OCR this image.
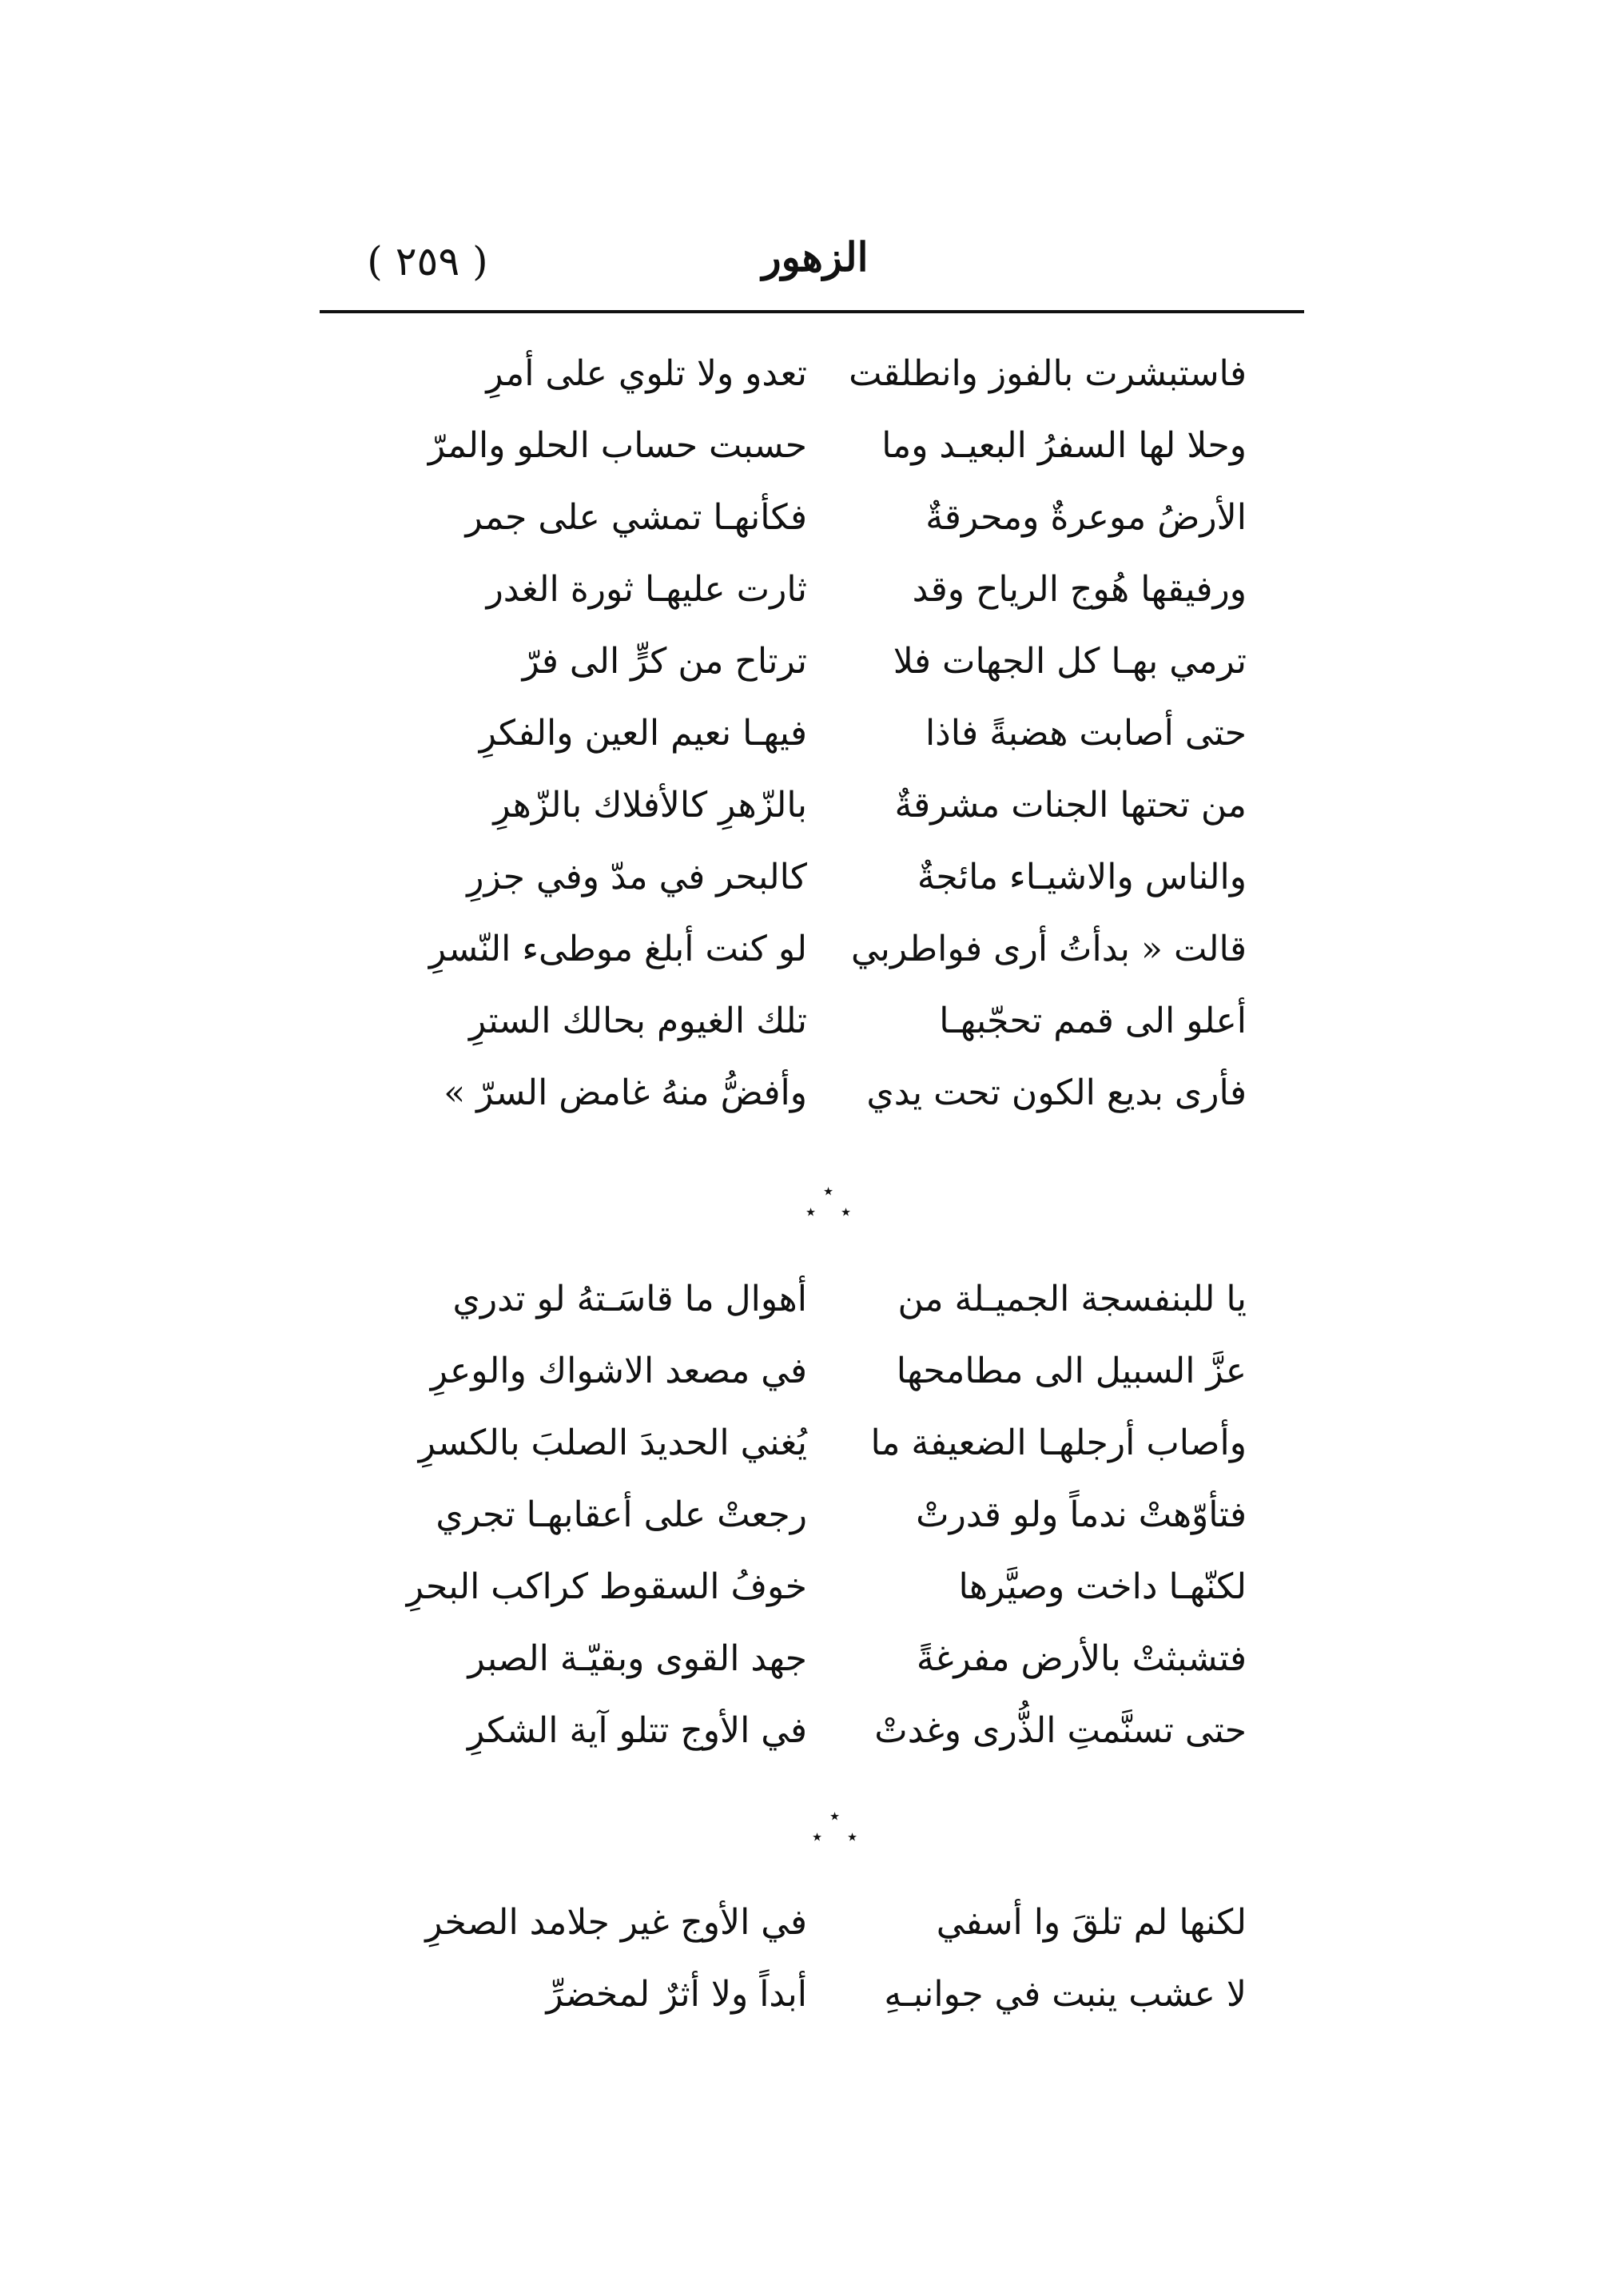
الزهور
( ٢٥٩ )
فاستبشرت بالفوز وانطلقت
تعدو ولا تلوي على أمرِ
وحلا لها السفرُ البعيـد وما
حسبت حساب الحلو والمرّ
الأرضُ موعرةٌ ومحرقةٌ
فكأنهـا تمشي على جمر
ورفيقها هُوج الرياح وقد
ثارت عليهـا ثورة الغدر
ترمي بهـا كل الجهات فلا
ترتاح من كرٍّ الى فرّ
حتى أصابت هضبةً فاذا
فيهـا نعيم العين والفكرِ
من تحتها الجنات مشرقةٌ
بالزّهرِ كالأفلاك بالزّهرِ
والناس والاشيـاء مائجةٌ
كالبحر في مدّ وفي جزرِ
قالت « بدأتُ أرى فواطربي
لو كنت أبلغ موطىء النّسرِ
أعلو الى قمم تحجّبهـا
تلك الغيوم بحالك السترِ
فأرى بديع الكون تحت يدي
وأفضُّ منهُ غامض السرّ »
٭
٭ ٭
يا للبنفسجة الجميـلة من
أهوال ما قاسَـتهُ لو تدري
عزَّ السبيل الى مطامحها
في مصعد الاشواك والوعرِ
وأصاب أرجلهـا الضعيفة ما
يُغني الحديدَ الصلبَ بالكسرِ
فتأوّهتْ ندماً ولو قدرتْ
رجعتْ على أعقابهـا تجري
لكنّهـا داخت وصيَّرها
خوفُ السقوط كراكب البحرِ
فتشبثتْ بالأرض مفرغةً
جهد القوى وبقيّـة الصبر
حتى تسنَّمتِ الذُّرى وغدتْ
في الأوج تتلو آية الشكرِ
٭
٭ ٭
لكنها لم تلقَ وا أسفي
في الأوج غير جلامد الصخرِ
لا عشب ينبت في جوانبـهِ
أبداً ولا أثرٌ لمخضرِّ
